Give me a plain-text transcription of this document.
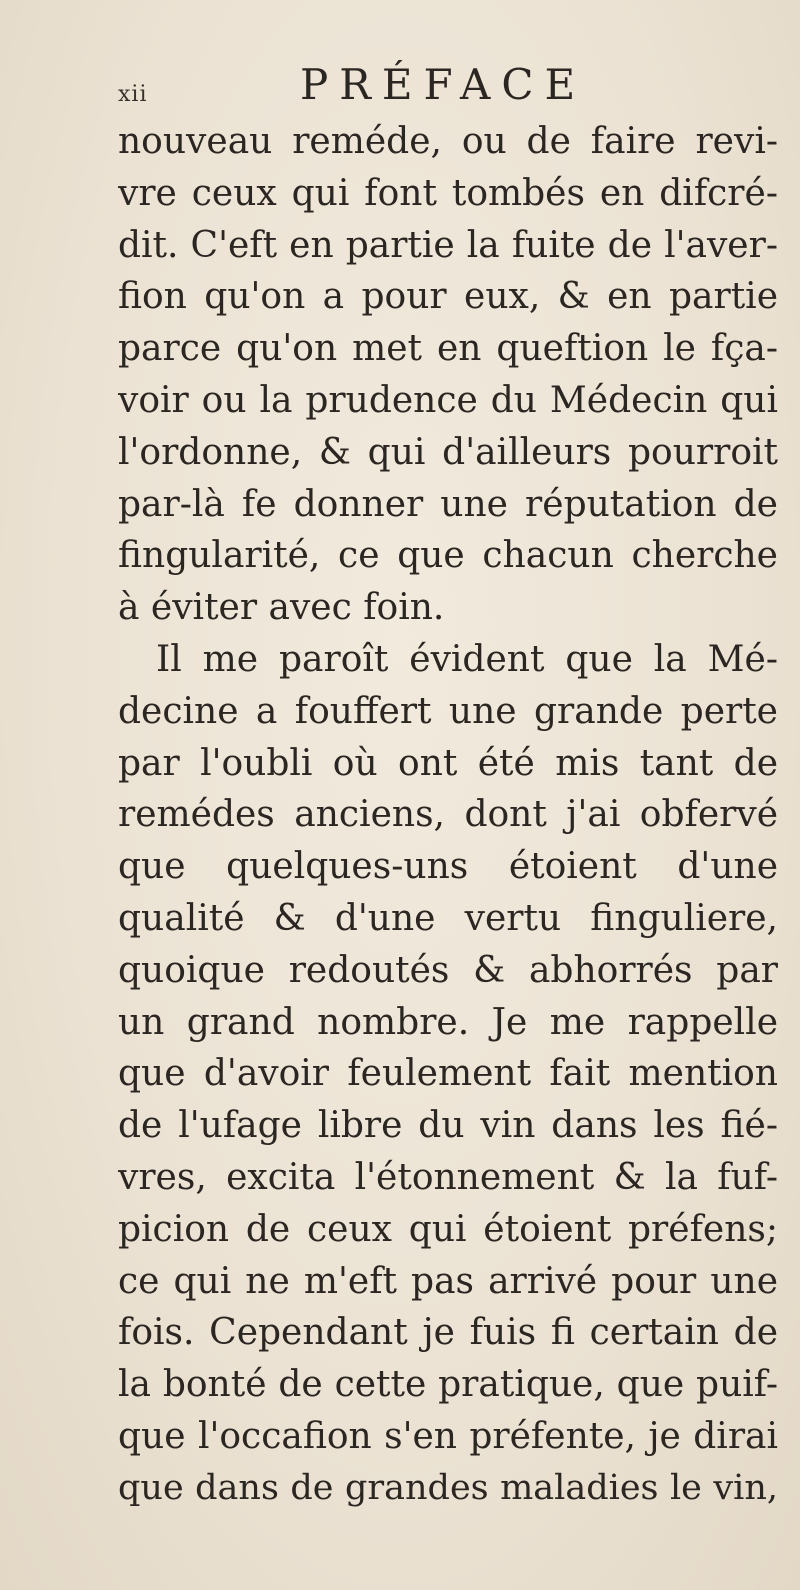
xii	PRÉFACE
nouveau reméde, ou de faire revi-
vre ceux qui font tombés en difcré-
dit. C'eft en partie la fuite de l'aver-
fion qu'on a pour eux, & en partie
parce qu'on met en queftion le fça-
voir ou la prudence du Médecin qui
l'ordonne, & qui d'ailleurs pourroit
par-là fe donner une réputation de
fingularité, ce que chacun cherche
à éviter avec foin.
Il me paroît évident que la Mé-
decine a fouffert une grande perte
par l'oubli où ont été mis tant de
remédes anciens, dont j'ai obfervé
que quelques-uns étoient d'une
qualité & d'une vertu finguliere,
quoique redoutés & abhorrés par
un grand nombre. Je me rappelle
que d'avoir feulement fait mention
de l'ufage libre du vin dans les fié-
vres, excita l'étonnement & la fuf-
picion de ceux qui étoient préfens;
ce qui ne m'eft pas arrivé pour une
fois. Cependant je fuis fi certain de
la bonté de cette pratique, que puif-
que l'occafion s'en préfente, je dirai
que dans de grandes maladies le vin,
